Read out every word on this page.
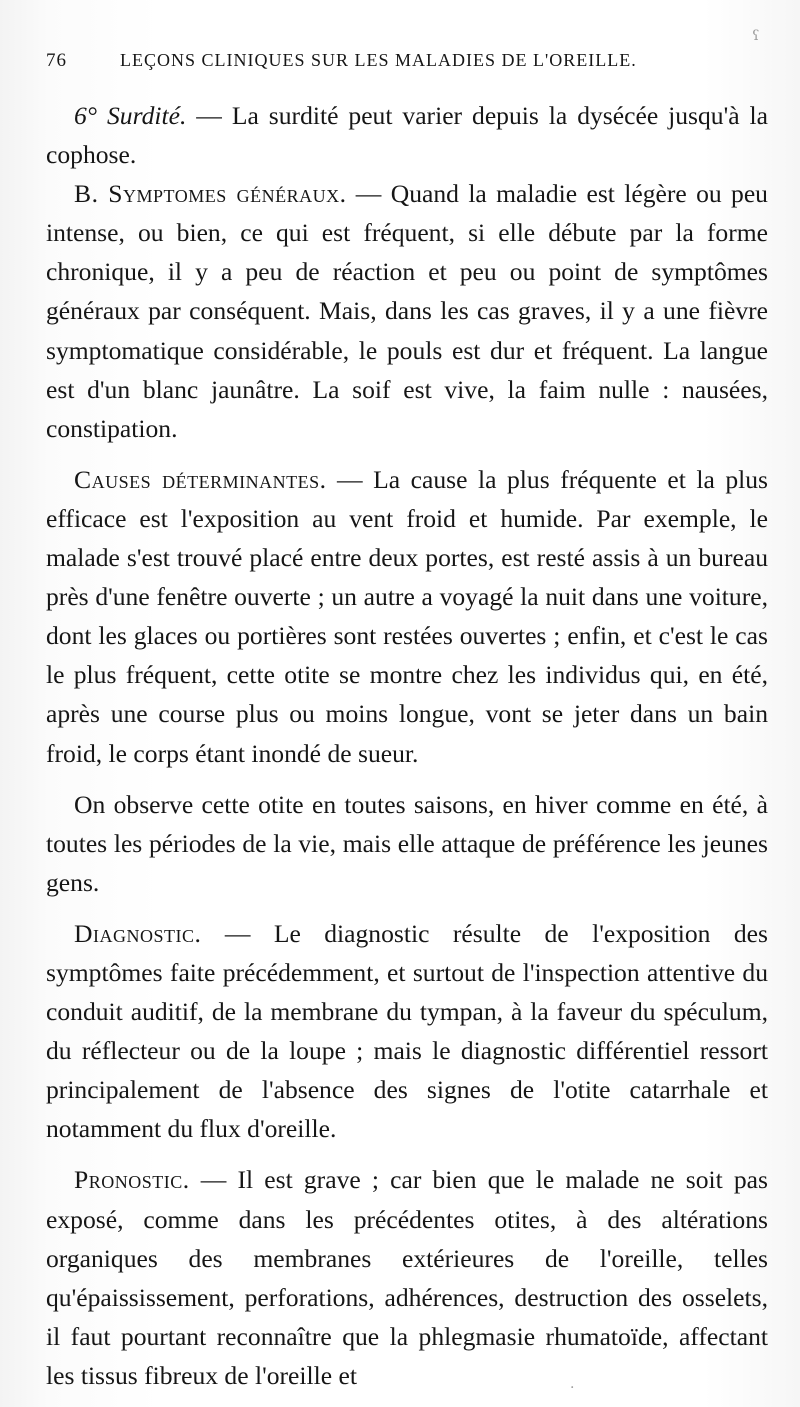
76	LEÇONS CLINIQUES SUR LES MALADIES DE L'OREILLE.

6° Surdité. — La surdité peut varier depuis la dysécée jusqu'à la cophose.

B. Symptomes généraux. — Quand la maladie est légère ou peu intense, ou bien, ce qui est fréquent, si elle débute par la forme chronique, il y a peu de réaction et peu ou point de symptômes généraux par conséquent. Mais, dans les cas graves, il y a une fièvre symptomatique considérable, le pouls est dur et fréquent. La langue est d'un blanc jaunâtre. La soif est vive, la faim nulle : nausées, constipation.

Causes déterminantes. — La cause la plus fréquente et la plus efficace est l'exposition au vent froid et humide. Par exemple, le malade s'est trouvé placé entre deux portes, est resté assis à un bureau près d'une fenêtre ouverte ; un autre a voyagé la nuit dans une voiture, dont les glaces ou portières sont restées ouvertes ; enfin, et c'est le cas le plus fréquent, cette otite se montre chez les individus qui, en été, après une course plus ou moins longue, vont se jeter dans un bain froid, le corps étant inondé de sueur.

On observe cette otite en toutes saisons, en hiver comme en été, à toutes les périodes de la vie, mais elle attaque de préférence les jeunes gens.

Diagnostic. — Le diagnostic résulte de l'exposition des symptômes faite précédemment, et surtout de l'inspection attentive du conduit auditif, de la membrane du tympan, à la faveur du spéculum, du réflecteur ou de la loupe ; mais le diagnostic différentiel ressort principalement de l'absence des signes de l'otite catarrhale et notamment du flux d'oreille.

Pronostic. — Il est grave ; car bien que le malade ne soit pas exposé, comme dans les précédentes otites, à des altérations organiques des membranes extérieures de l'oreille, telles qu'épaississement, perforations, adhérences, destruction des osselets, il faut pourtant reconnaître que la phlegmasie rhumatoïde, affectant les tissus fibreux de l'oreille et

ʕ
·
